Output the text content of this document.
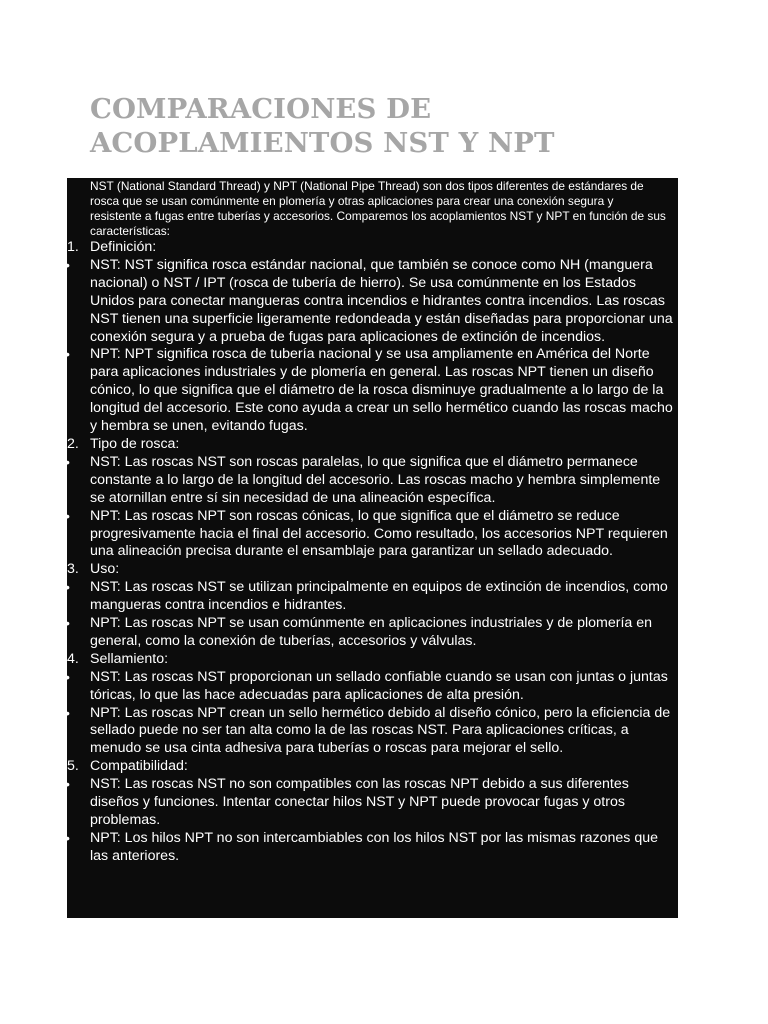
COMPARACIONES DE ACOPLAMIENTOS NST Y NPT

NST (National Standard Thread) y NPT (National Pipe Thread) son dos tipos diferentes de estándares de rosca que se usan comúnmente en plomería y otras aplicaciones para crear una conexión segura y resistente a fugas entre tuberías y accesorios. Comparemos los acoplamientos NST y NPT en función de sus características:

1. Definición:
•	NST: NST significa rosca estándar nacional, que también se conoce como NH (manguera nacional) o NST / IPT (rosca de tubería de hierro). Se usa comúnmente en los Estados Unidos para conectar mangueras contra incendios e hidrantes contra incendios. Las roscas NST tienen una superficie ligeramente redondeada y están diseñadas para proporcionar una conexión segura y a prueba de fugas para aplicaciones de extinción de incendios.
•	NPT: NPT significa rosca de tubería nacional y se usa ampliamente en América del Norte para aplicaciones industriales y de plomería en general. Las roscas NPT tienen un diseño cónico, lo que significa que el diámetro de la rosca disminuye gradualmente a lo largo de la longitud del accesorio. Este cono ayuda a crear un sello hermético cuando las roscas macho y hembra se unen, evitando fugas.
2. Tipo de rosca:
•	NST: Las roscas NST son roscas paralelas, lo que significa que el diámetro permanece constante a lo largo de la longitud del accesorio. Las roscas macho y hembra simplemente se atornillan entre sí sin necesidad de una alineación específica.
•	NPT: Las roscas NPT son roscas cónicas, lo que significa que el diámetro se reduce progresivamente hacia el final del accesorio. Como resultado, los accesorios NPT requieren una alineación precisa durante el ensamblaje para garantizar un sellado adecuado.
3. Uso:
•	NST: Las roscas NST se utilizan principalmente en equipos de extinción de incendios, como mangueras contra incendios e hidrantes.
•	NPT: Las roscas NPT se usan comúnmente en aplicaciones industriales y de plomería en general, como la conexión de tuberías, accesorios y válvulas.
4. Sellamiento:
•	NST: Las roscas NST proporcionan un sellado confiable cuando se usan con juntas o juntas tóricas, lo que las hace adecuadas para aplicaciones de alta presión.
•	NPT: Las roscas NPT crean un sello hermético debido al diseño cónico, pero la eficiencia de sellado puede no ser tan alta como la de las roscas NST. Para aplicaciones críticas, a menudo se usa cinta adhesiva para tuberías o roscas para mejorar el sello.
5. Compatibilidad:
•	NST: Las roscas NST no son compatibles con las roscas NPT debido a sus diferentes diseños y funciones. Intentar conectar hilos NST y NPT puede provocar fugas y otros problemas.
•	NPT: Los hilos NPT no son intercambiables con los hilos NST por las mismas razones que las anteriores.
